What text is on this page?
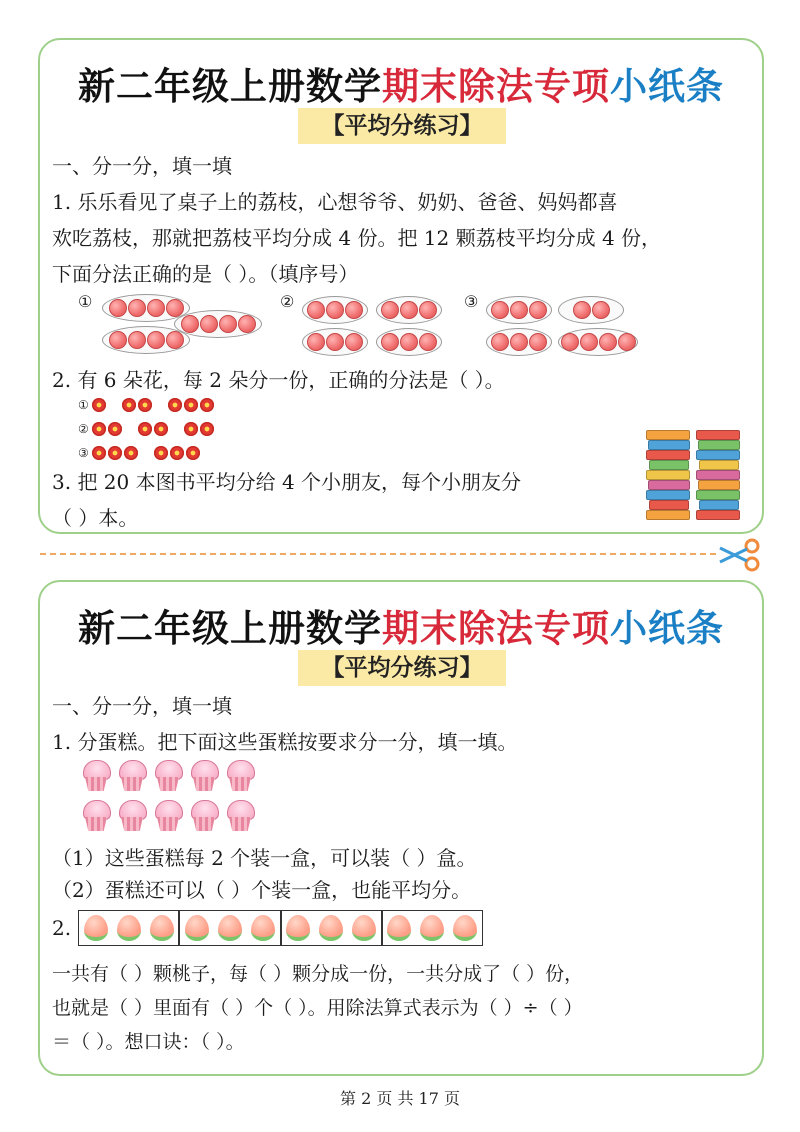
新二年级上册数学期末除法专项小纸条
【平均分练习】
一、分一分，填一填
1. 乐乐看见了桌子上的荔枝，心想爷爷、奶奶、爸爸、妈妈都喜
欢吃荔枝，那就把荔枝平均分成 4 份。把 12 颗荔枝平均分成 4 份，
下面分法正确的是（ ）。（填序号）
①	②	③
2. 有 6 朵花，每 2 朵分一份，正确的分法是（ ）。
①
②
③
3. 把 20 本图书平均分给 4 个小朋友，每个小朋友分
（ ）本。
新二年级上册数学期末除法专项小纸条
【平均分练习】
一、分一分，填一填
1. 分蛋糕。把下面这些蛋糕按要求分一分，填一填。
（1）这些蛋糕每 2 个装一盒，可以装（ ）盒。
（2）蛋糕还可以（ ）个装一盒，也能平均分。
2.
一共有（ ）颗桃子，每（ ）颗分成一份，一共分成了（ ）份，
也就是（ ）里面有（ ）个（ ）。用除法算式表示为（ ）÷（ ）
＝（ ）。想口诀：（ ）。
第 2 页 共 17 页
